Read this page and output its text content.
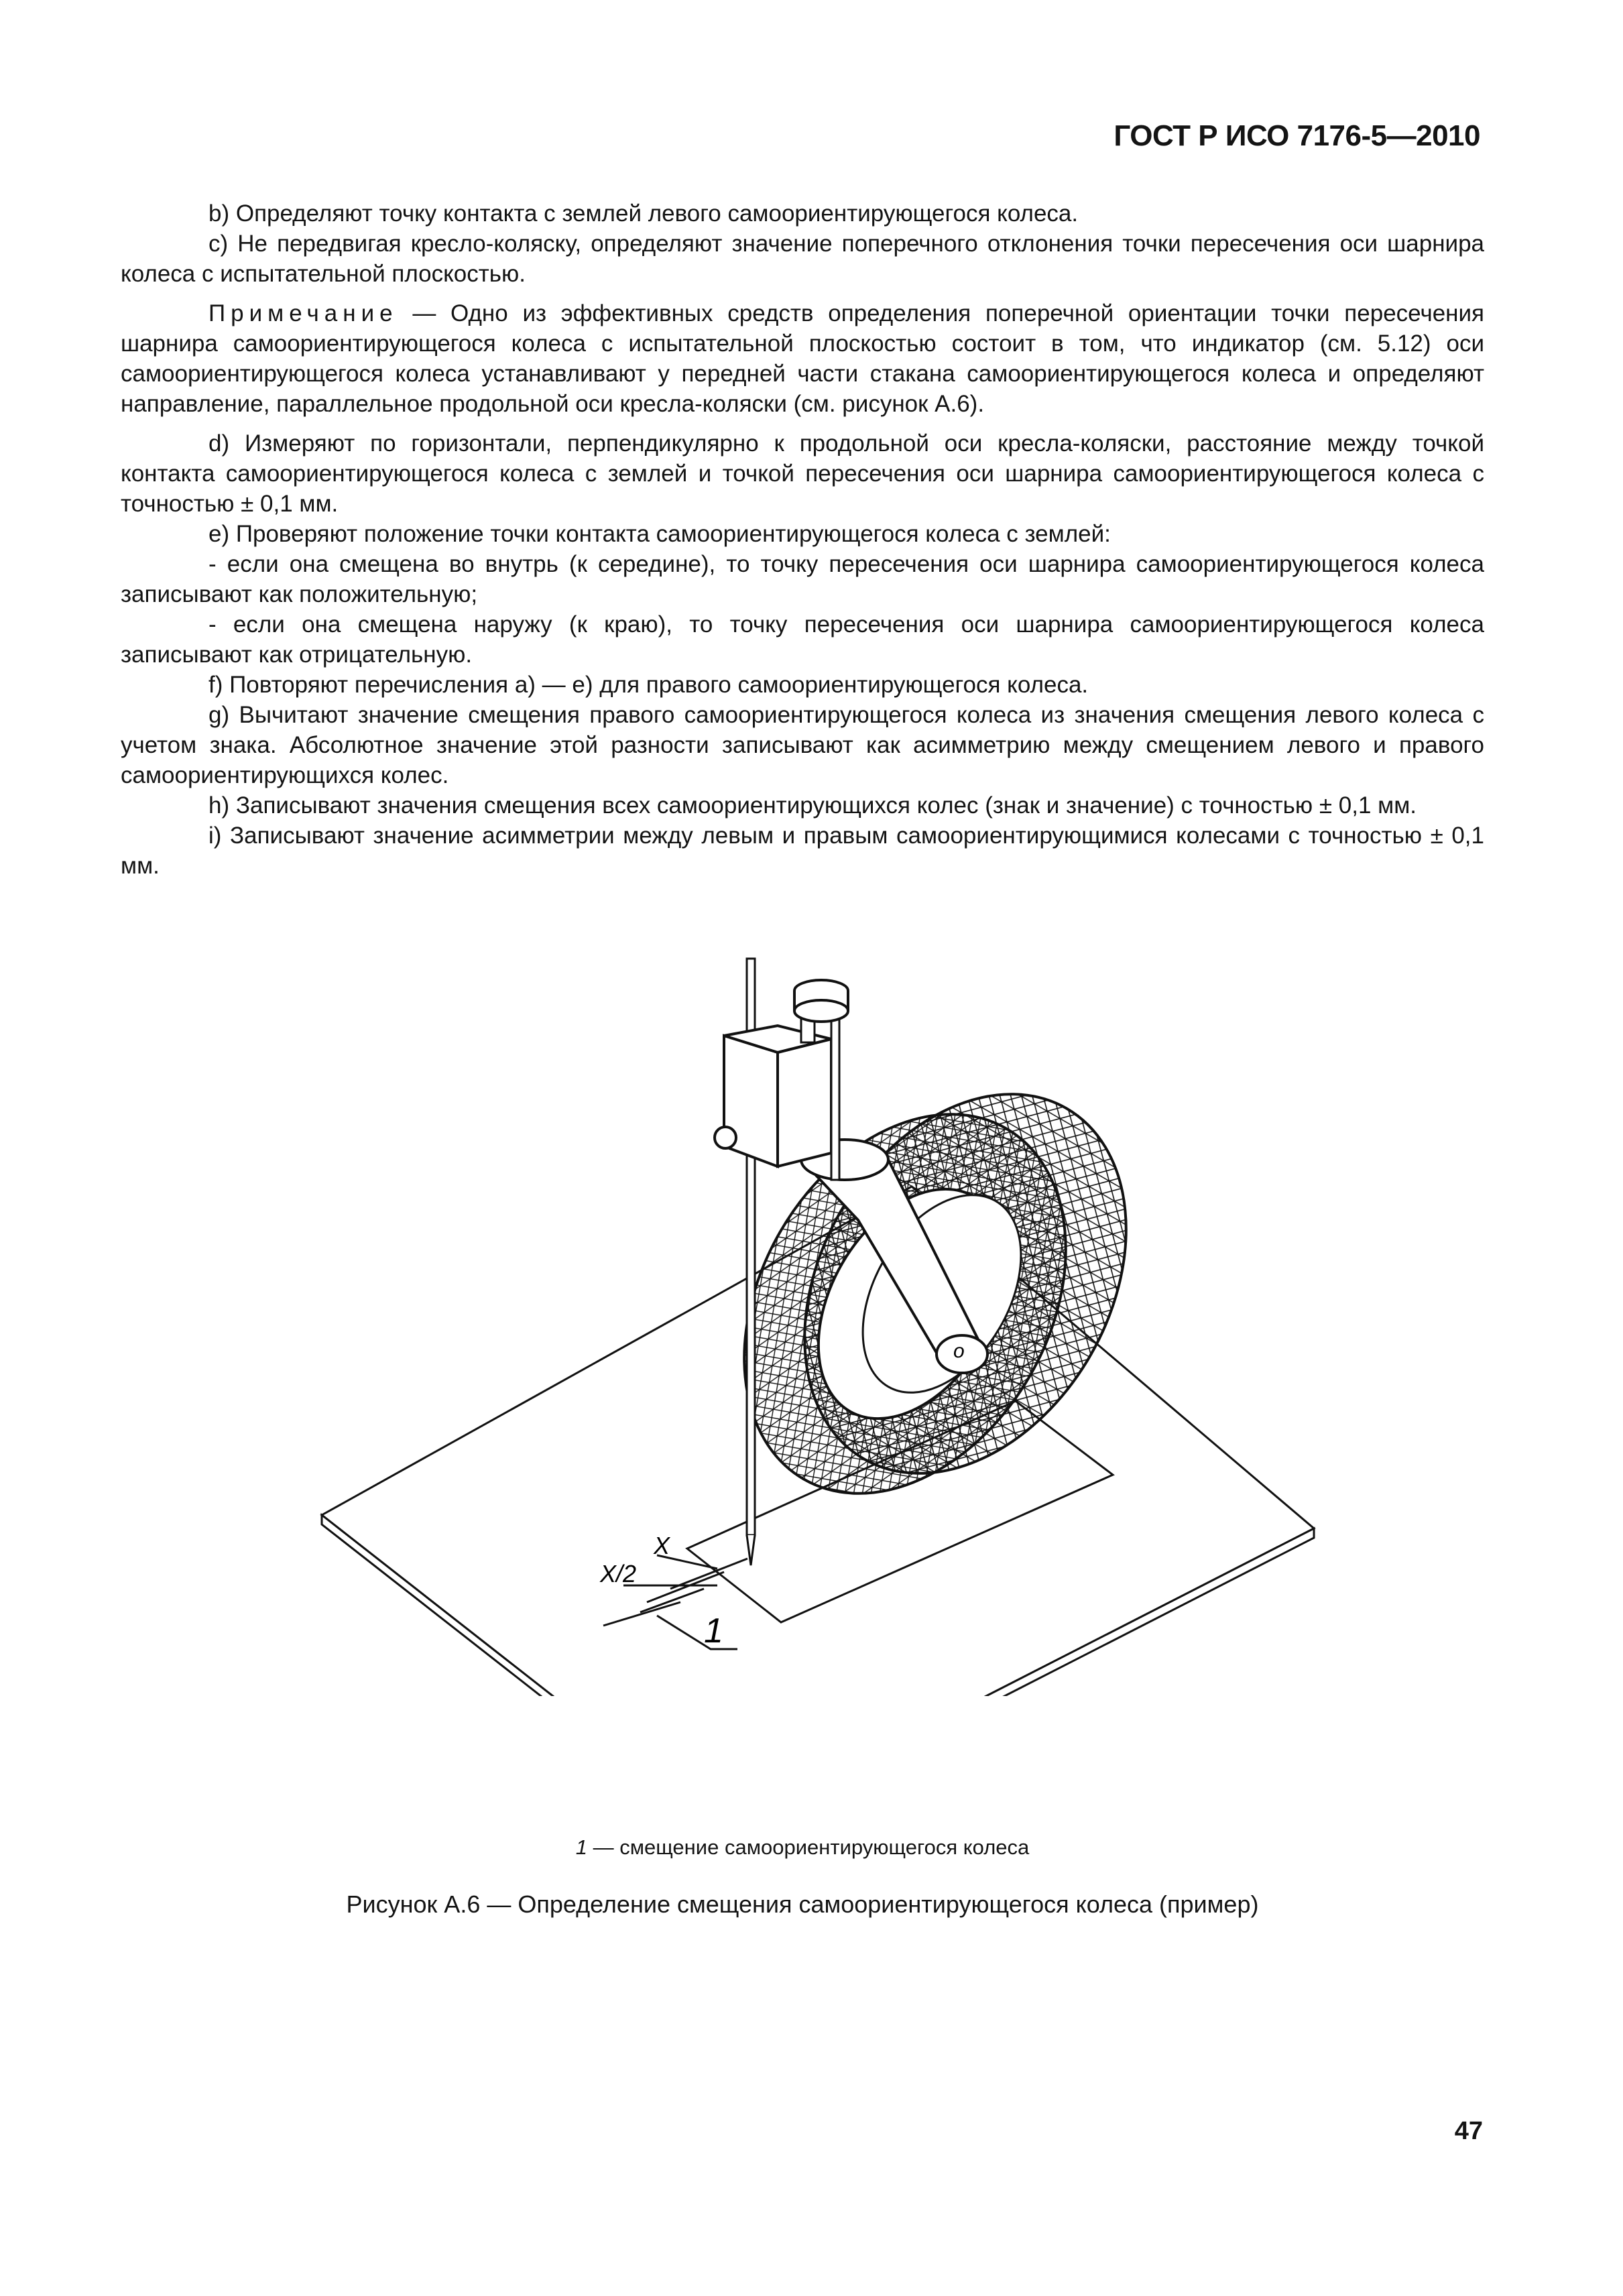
ГОСТ Р ИСО 7176-5—2010

b) Определяют точку контакта с землей левого самоориентирующегося колеса.

c) Не передвигая кресло-коляску, определяют значение поперечного отклонения точки пересечения оси шарнира колеса с испытательной плоскостью.

Примечание — Одно из эффективных средств определения поперечной ориентации точки пересечения шарнира самоориентирующегося колеса с испытательной плоскостью состоит в том, что индикатор (см. 5.12) оси самоориентирующегося колеса устанавливают у передней части стакана самоориентирующегося колеса и определяют направление, параллельное продольной оси кресла-коляски (см. рисунок А.6).

d) Измеряют по горизонтали, перпендикулярно к продольной оси кресла-коляски, расстояние между точкой контакта самоориентирующегося колеса с землей и точкой пересечения оси шарнира самоориентирующегося колеса с точностью ± 0,1 мм.

e) Проверяют положение точки контакта самоориентирующегося колеса с землей:

- если она смещена во внутрь (к середине), то точку пересечения оси шарнира самоориентирующегося колеса записывают как положительную;

- если она смещена наружу (к краю), то точку пересечения оси шарнира самоориентирующегося колеса записывают как отрицательную.

f) Повторяют перечисления а) — е) для правого самоориентирующегося колеса.

g) Вычитают значение смещения правого самоориентирующегося колеса из значения смещения левого колеса с учетом знака. Абсолютное значение этой разности записывают как асимметрию между смещением левого и правого самоориентирующихся колес.

h) Записывают значения смещения всех самоориентирующихся колес (знак и значение) с точностью ± 0,1 мм.

i) Записывают значение асимметрии между левым и правым самоориентирующимися колесами с точностью ± 0,1 мм.

o
X
X/2
1
1 — смещение самоориентирующегося колеса
Рисунок А.6 — Определение смещения самоориентирующегося колеса (пример)
47
